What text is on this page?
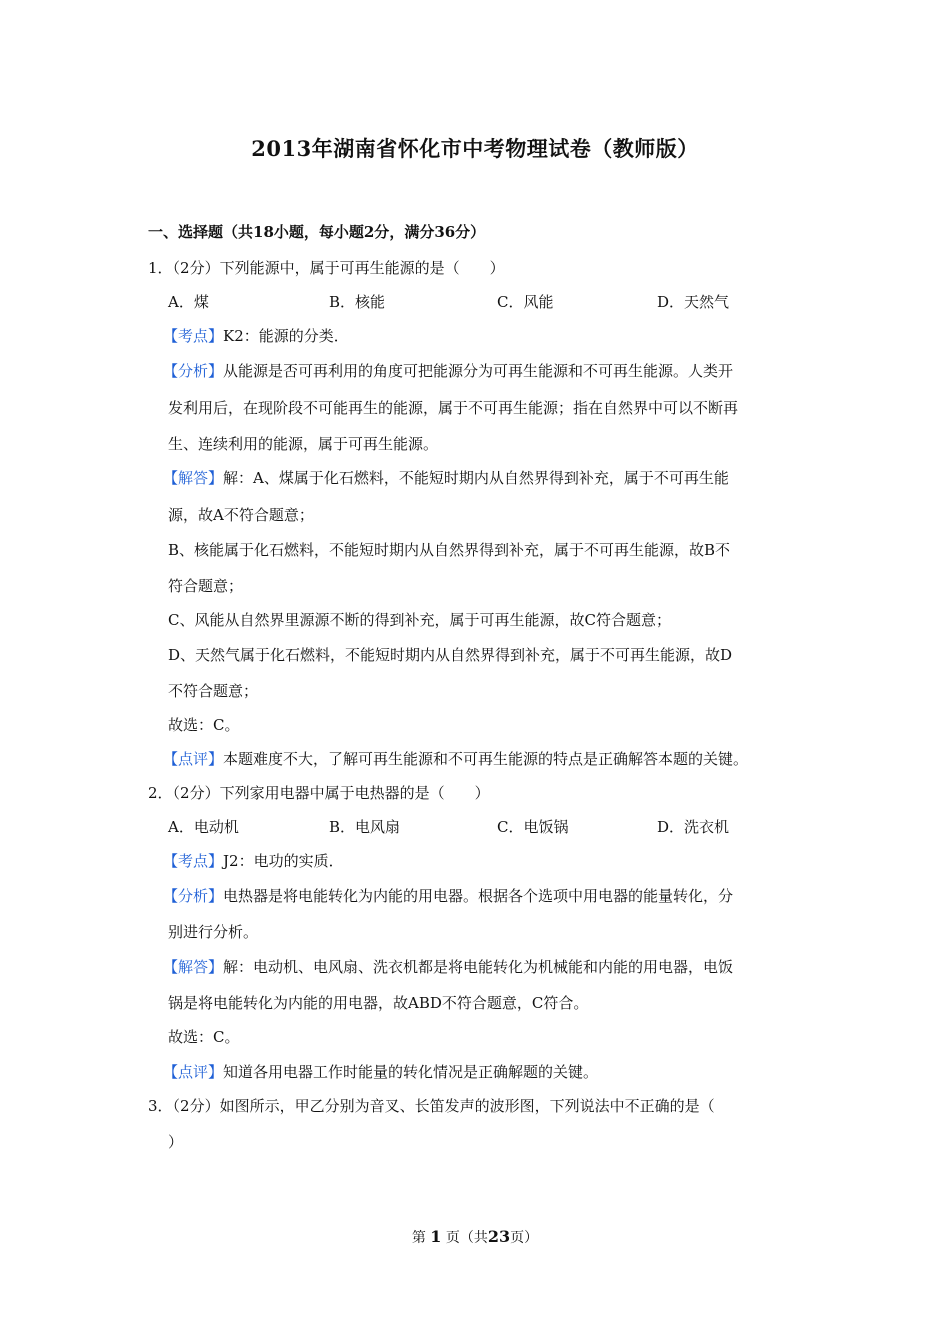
2013年湖南省怀化市中考物理试卷（教师版）
一、选择题（共18小题，每小题2分，满分36分）
1．（2分）下列能源中，属于可再生能源的是（　　）
A．煤	B．核能	C．风能	D．天然气
【考点】K2：能源的分类．
【分析】从能源是否可再利用的角度可把能源分为可再生能源和不可再生能源。人类开
发利用后，在现阶段不可能再生的能源，属于不可再生能源；指在自然界中可以不断再
生、连续利用的能源，属于可再生能源。
【解答】解：A、煤属于化石燃料，不能短时期内从自然界得到补充，属于不可再生能
源，故A不符合题意；
B、核能属于化石燃料，不能短时期内从自然界得到补充，属于不可再生能源，故B不
符合题意；
C、风能从自然界里源源不断的得到补充，属于可再生能源，故C符合题意；
D、天然气属于化石燃料，不能短时期内从自然界得到补充，属于不可再生能源，故D
不符合题意；
故选：C。
【点评】本题难度不大，了解可再生能源和不可再生能源的特点是正确解答本题的关键。
2．（2分）下列家用电器中属于电热器的是（　　）
A．电动机	B．电风扇	C．电饭锅	D．洗衣机
【考点】J2：电功的实质．
【分析】电热器是将电能转化为内能的用电器。根据各个选项中用电器的能量转化，分
别进行分析。
【解答】解：电动机、电风扇、洗衣机都是将电能转化为机械能和内能的用电器，电饭
锅是将电能转化为内能的用电器，故ABD不符合题意，C符合。
故选：C。
【点评】知道各用电器工作时能量的转化情况是正确解题的关键。
3．（2分）如图所示，甲乙分别为音叉、长笛发声的波形图，下列说法中不正确的是（
）
第 1 页（共23页）
